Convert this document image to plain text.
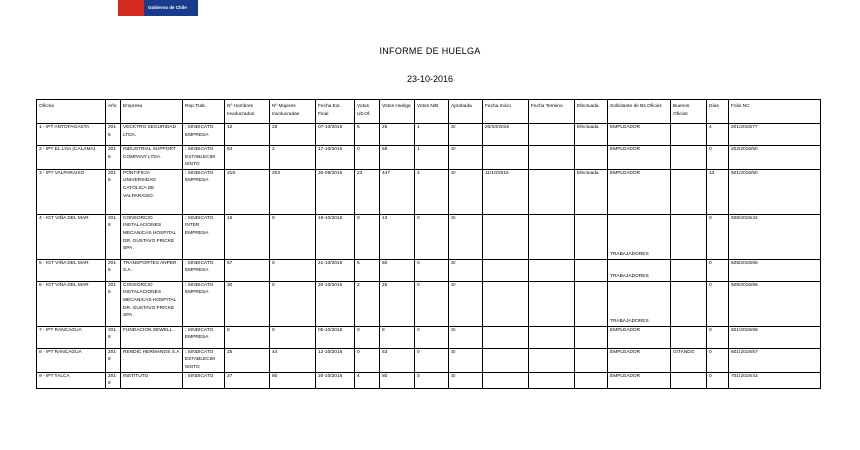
Gobierno de Chile
INFORME DE HUELGA
23-10-2016
Oficina	Año	Empresa	Rep.Trab.	Nº Hombres Involucrados	Nº Mujeres Involucradas	Fecha Ext. Final	Votos Ult.Of.	Votos Huelga	Votos N/B	Aprobada	Fecha Inicio	Fecha Termino	Efectuada	Solicitante de Bs.Oficios	Buenos Oficios	Días	Folio NC
1 - IPT ANTOFAGASTA	2016	VECKTRO SEGURIDAD LTDA.	; SINDICATO EMPRESA	12	28	07-10/2016	5	25	1	SI	20/10/2016		Efectuada	EMPLEADOR		4	201/2016/77
2 - IPT EL LOA (CALAMA)	2016	INDUSTRIAL SUPPORT COMPANY LTDA.	; SINDICATO ESTABLECIM IENTO	84	2	17-10/2016	0	58	1	SI				EMPLEADOR		0	202/2016/50
3 - IPT VALPARAISO	2016	PONTIFICIA UNIVERSIDAD CATÓLICA DE VALPARAÍSO .	; SINDICATO EMPRESA	318	203	30-09/2016	23	447	4	SI	11/10/2016		Efectuada	EMPLEADOR		13	501/2016/50
4 - IGT VIÑA DEL MAR	2016	CONSORCIO INSTALACIONES MECANICAS HOSPITAL DR. GUSTAVO FRICKE SPA .	; SINDICATO INTER EMPRESA	16	0	19-10/2016	0	13	0	SI				TRABAJADORES		0	508/2016/42
5 - IGT VIÑA DEL MAR	2016	TRANSPORTES ANPER S.A .	; SINDICATO EMPRESA	57	0	21-10/2016	5	50	0	SI				TRABAJADORES		0	508/2016/65
6 - IGT VIÑA DEL MAR	2016	CONSORCIO INSTALACIONES MECANICAS HOSPITAL DR. GUSTAVO FRICKE SPA .	; SINDICATO EMPRESA	30	0	20-10/2016	2	25	0	SI				TRABAJADORES		0	508/2016/66
7 - IPT RANCAGUA	2016	FUNDACION SEWELL .	; SINDICATO EMPRESA	8	0	05-10/2016	0	8	0	SI				EMPLEADOR		0	601/2016/59
8 - IPT RANCAGUA	2016	RENDIC HERMANOS S.A .	; SINDICATO ESTABLECIM IENTO	25	44	12-10/2016	0	63	0	SI				EMPLEADOR	GITANDO	0	601/2016/57
9 - IPT TALCA	2016	INSTITUTO	; SINDICATO	27	80	20-10/2016	4	80	3	SI				EMPLEADOR		0	701/2016/43
